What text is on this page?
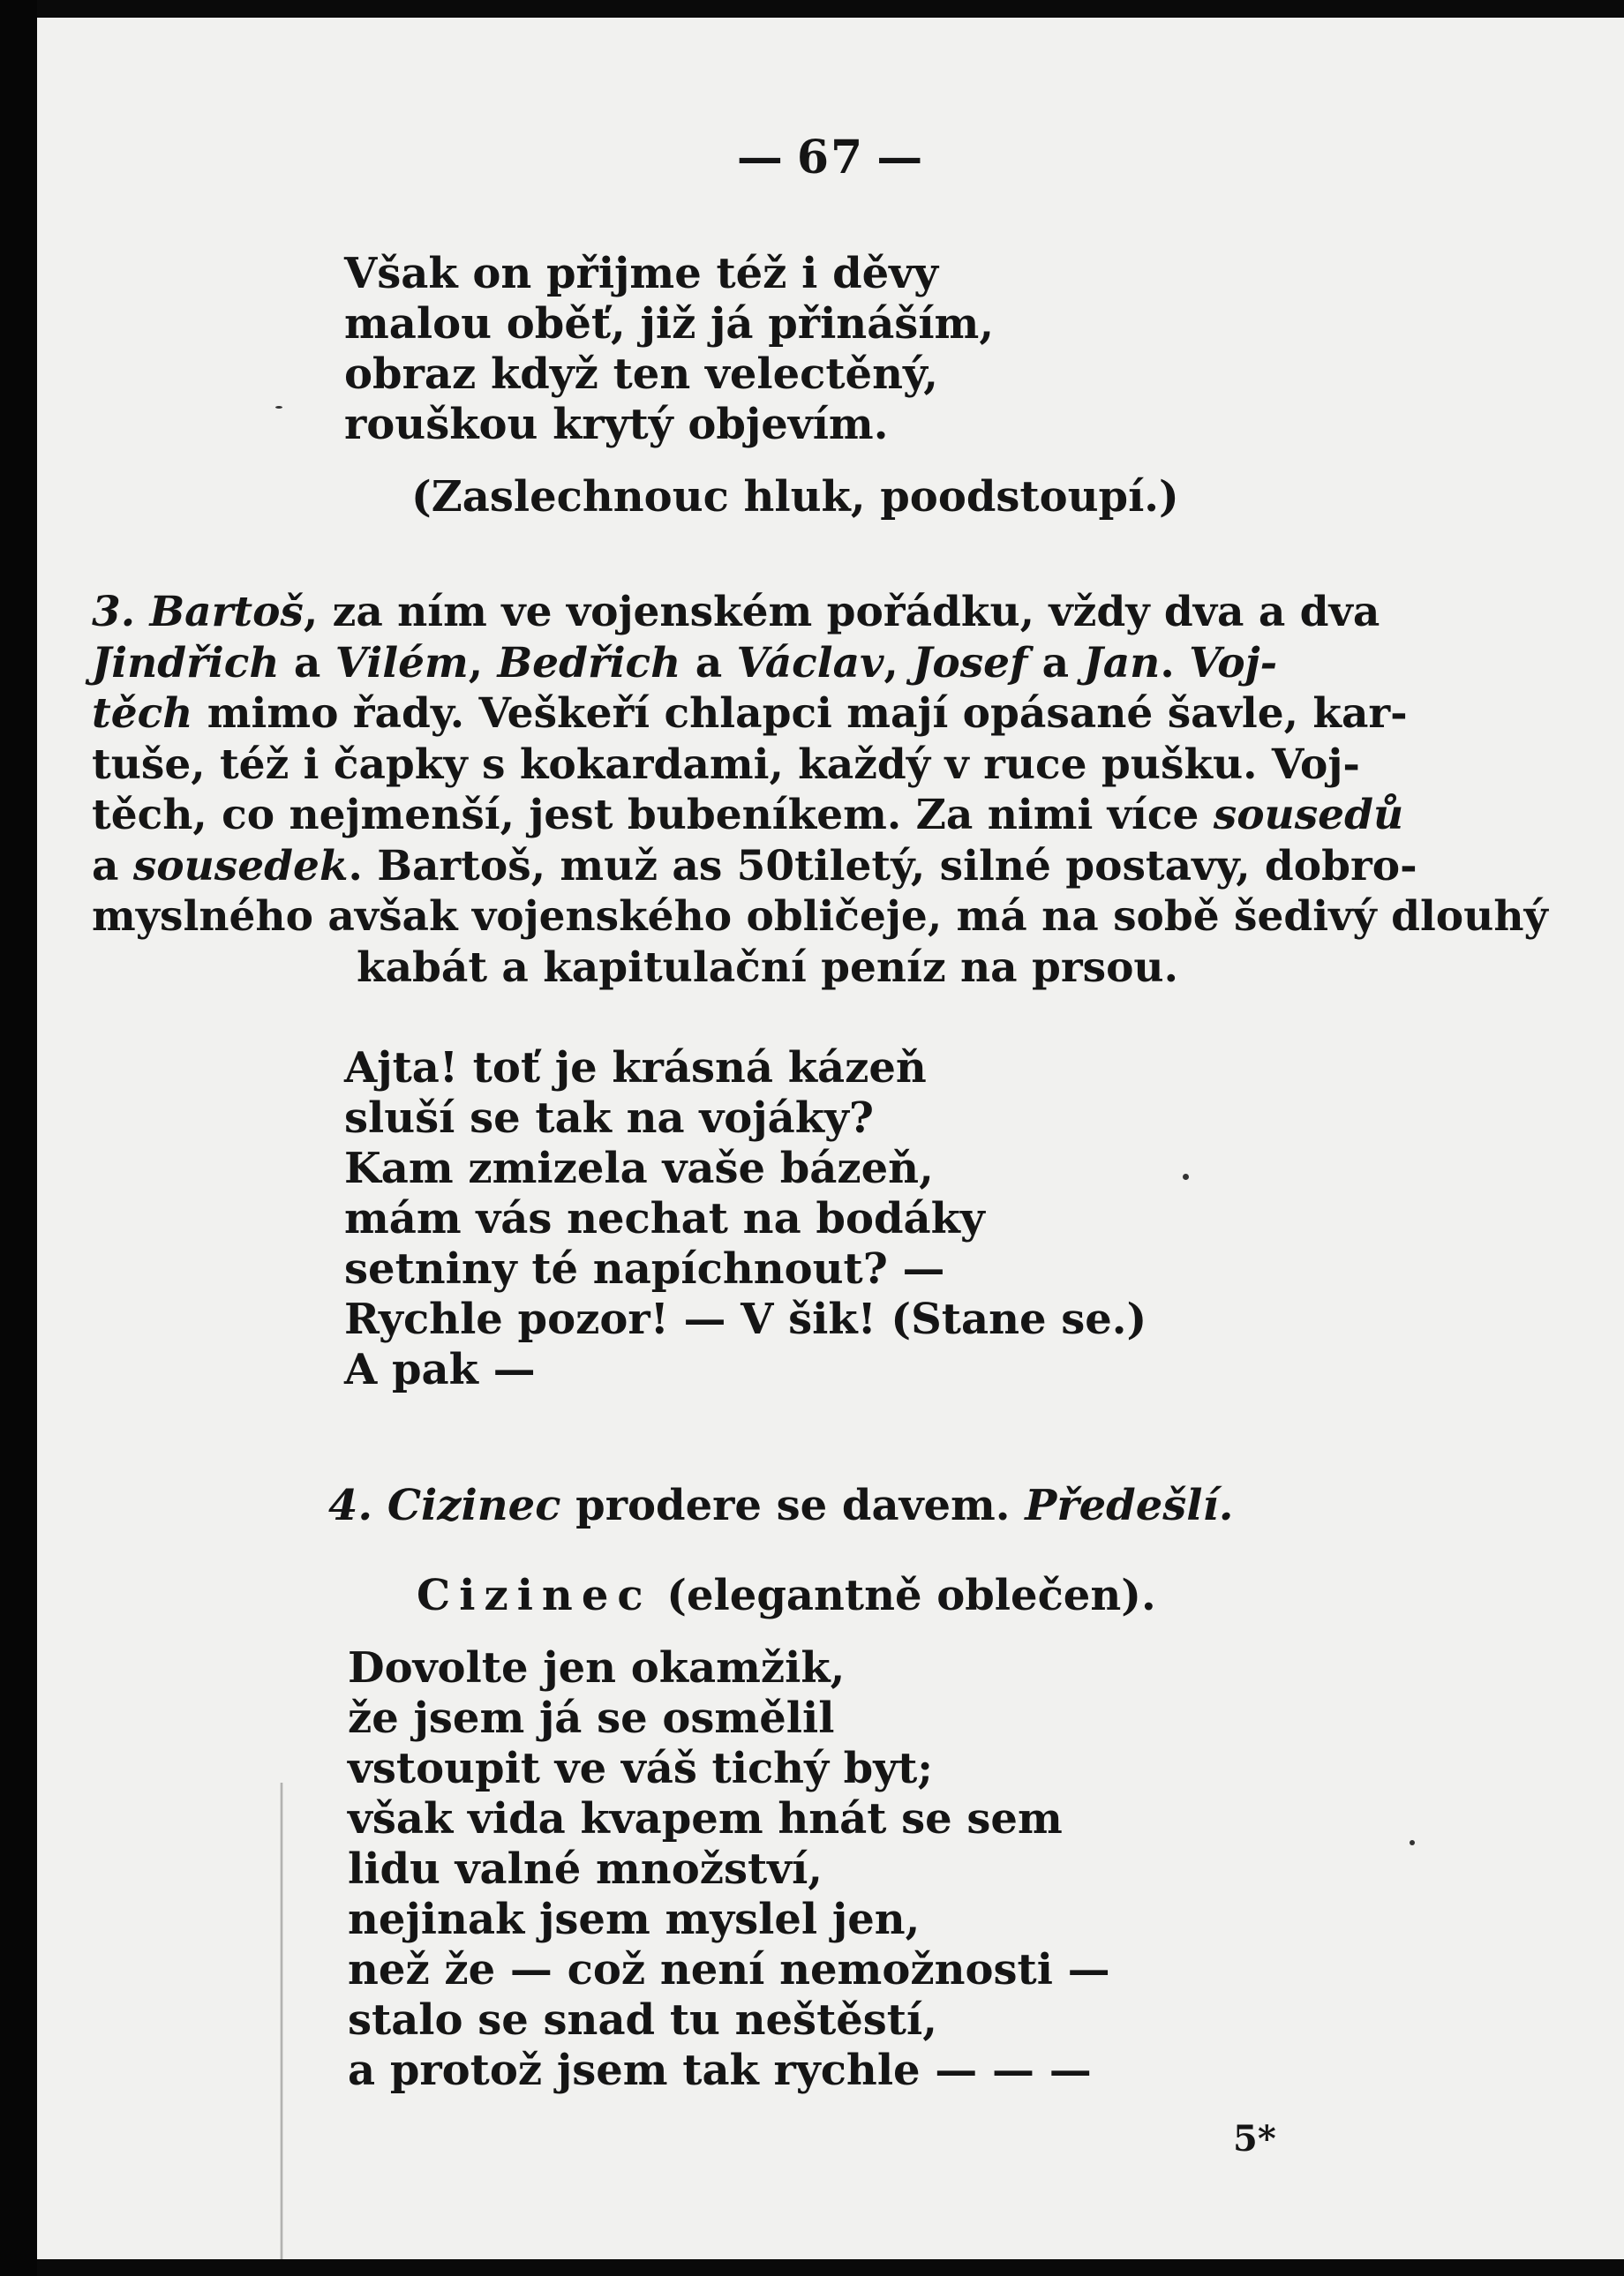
— 67 —
Však on přijme též i děvy
malou oběť, již já přináším,
obraz když ten velectěný,
rouškou krytý objevím.
(Zaslechnouc hluk, poodstoupí.)
3. Bartoš, za ním ve vojenském pořádku, vždy dva a dva
Jindřich a Vilém, Bedřich a Václav, Josef a Jan. Voj-
těch mimo řady. Veškeří chlapci mají opásané šavle, kar-
tuše, též i čapky s kokardami, každý v ruce pušku. Voj-
těch, co nejmenší, jest bubeníkem. Za nimi více sousedů
a sousedek. Bartoš, muž as 50tiletý, silné postavy, dobro-
myslného avšak vojenského obličeje, má na sobě šedivý dlouhý
kabát a kapitulační peníz na prsou.
Ajta! toť je krásná kázeň
sluší se tak na vojáky?
Kam zmizela vaše bázeň,
mám vás nechat na bodáky
setniny té napíchnout? —
Rychle pozor! — V šik! (Stane se.)
A pak —
4. Cizinec prodere se davem. Předešlí.
Cizinec (elegantně oblečen).
Dovolte jen okamžik,
že jsem já se osmělil
vstoupit ve váš tichý byt;
však vida kvapem hnát se sem
lidu valné množství,
nejinak jsem myslel jen,
než že — což není nemožnosti —
stalo se snad tu neštěstí,
a protož jsem tak rychle — — —
5*
